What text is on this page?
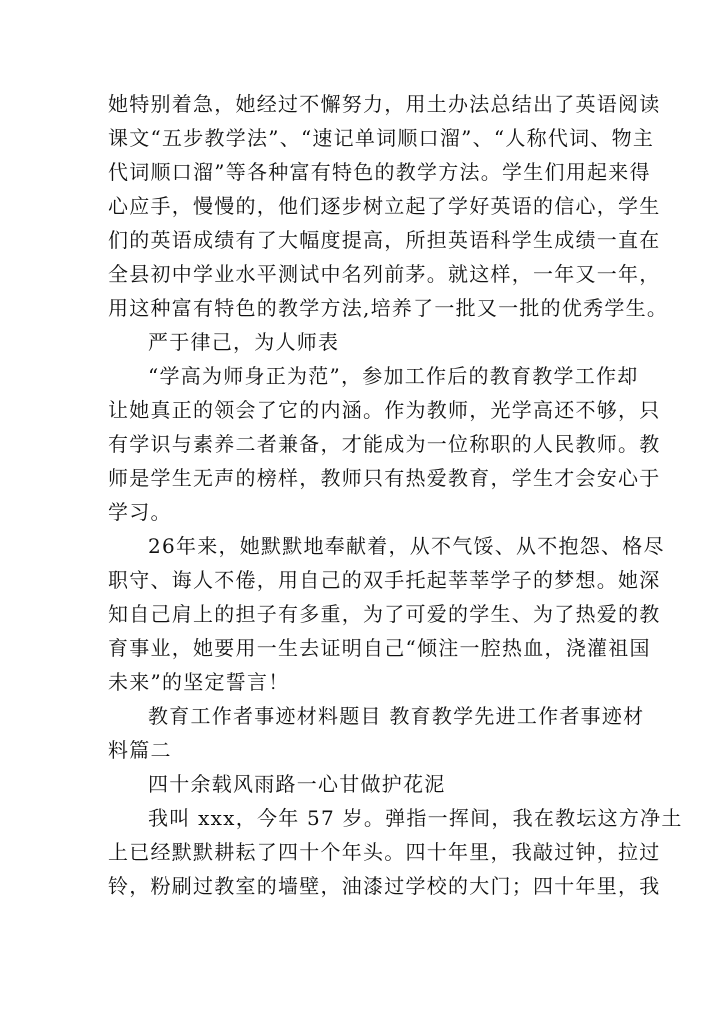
她特别着急，她经过不懈努力，用土办法总结出了英语阅读
课文“五步教学法”、“速记单词顺口溜”、“人称代词、物主
代词顺口溜”等各种富有特色的教学方法。学生们用起来得
心应手，慢慢的，他们逐步树立起了学好英语的信心，学生
们的英语成绩有了大幅度提高，所担英语科学生成绩一直在
全县初中学业水平测试中名列前茅。就这样，一年又一年，
用这种富有特色的教学方法,培养了一批又一批的优秀学生。
严于律己，为人师表
“学高为师身正为范”，参加工作后的教育教学工作却
让她真正的领会了它的内涵。作为教师，光学高还不够，只
有学识与素养二者兼备，才能成为一位称职的人民教师。教
师是学生无声的榜样，教师只有热爱教育，学生才会安心于
学习。
26年来，她默默地奉献着，从不气馁、从不抱怨、格尽
职守、诲人不倦，用自己的双手托起莘莘学子的梦想。她深
知自己肩上的担子有多重，为了可爱的学生、为了热爱的教
育事业，她要用一生去证明自己“倾注一腔热血，浇灌祖国
未来”的坚定誓言！
教育工作者事迹材料题目 教育教学先进工作者事迹材
料篇二
四十余载风雨路一心甘做护花泥
我叫 xxx，今年 57 岁。弹指一挥间，我在教坛这方净土
上已经默默耕耘了四十个年头。四十年里，我敲过钟，拉过
铃，粉刷过教室的墙壁，油漆过学校的大门；四十年里，我
